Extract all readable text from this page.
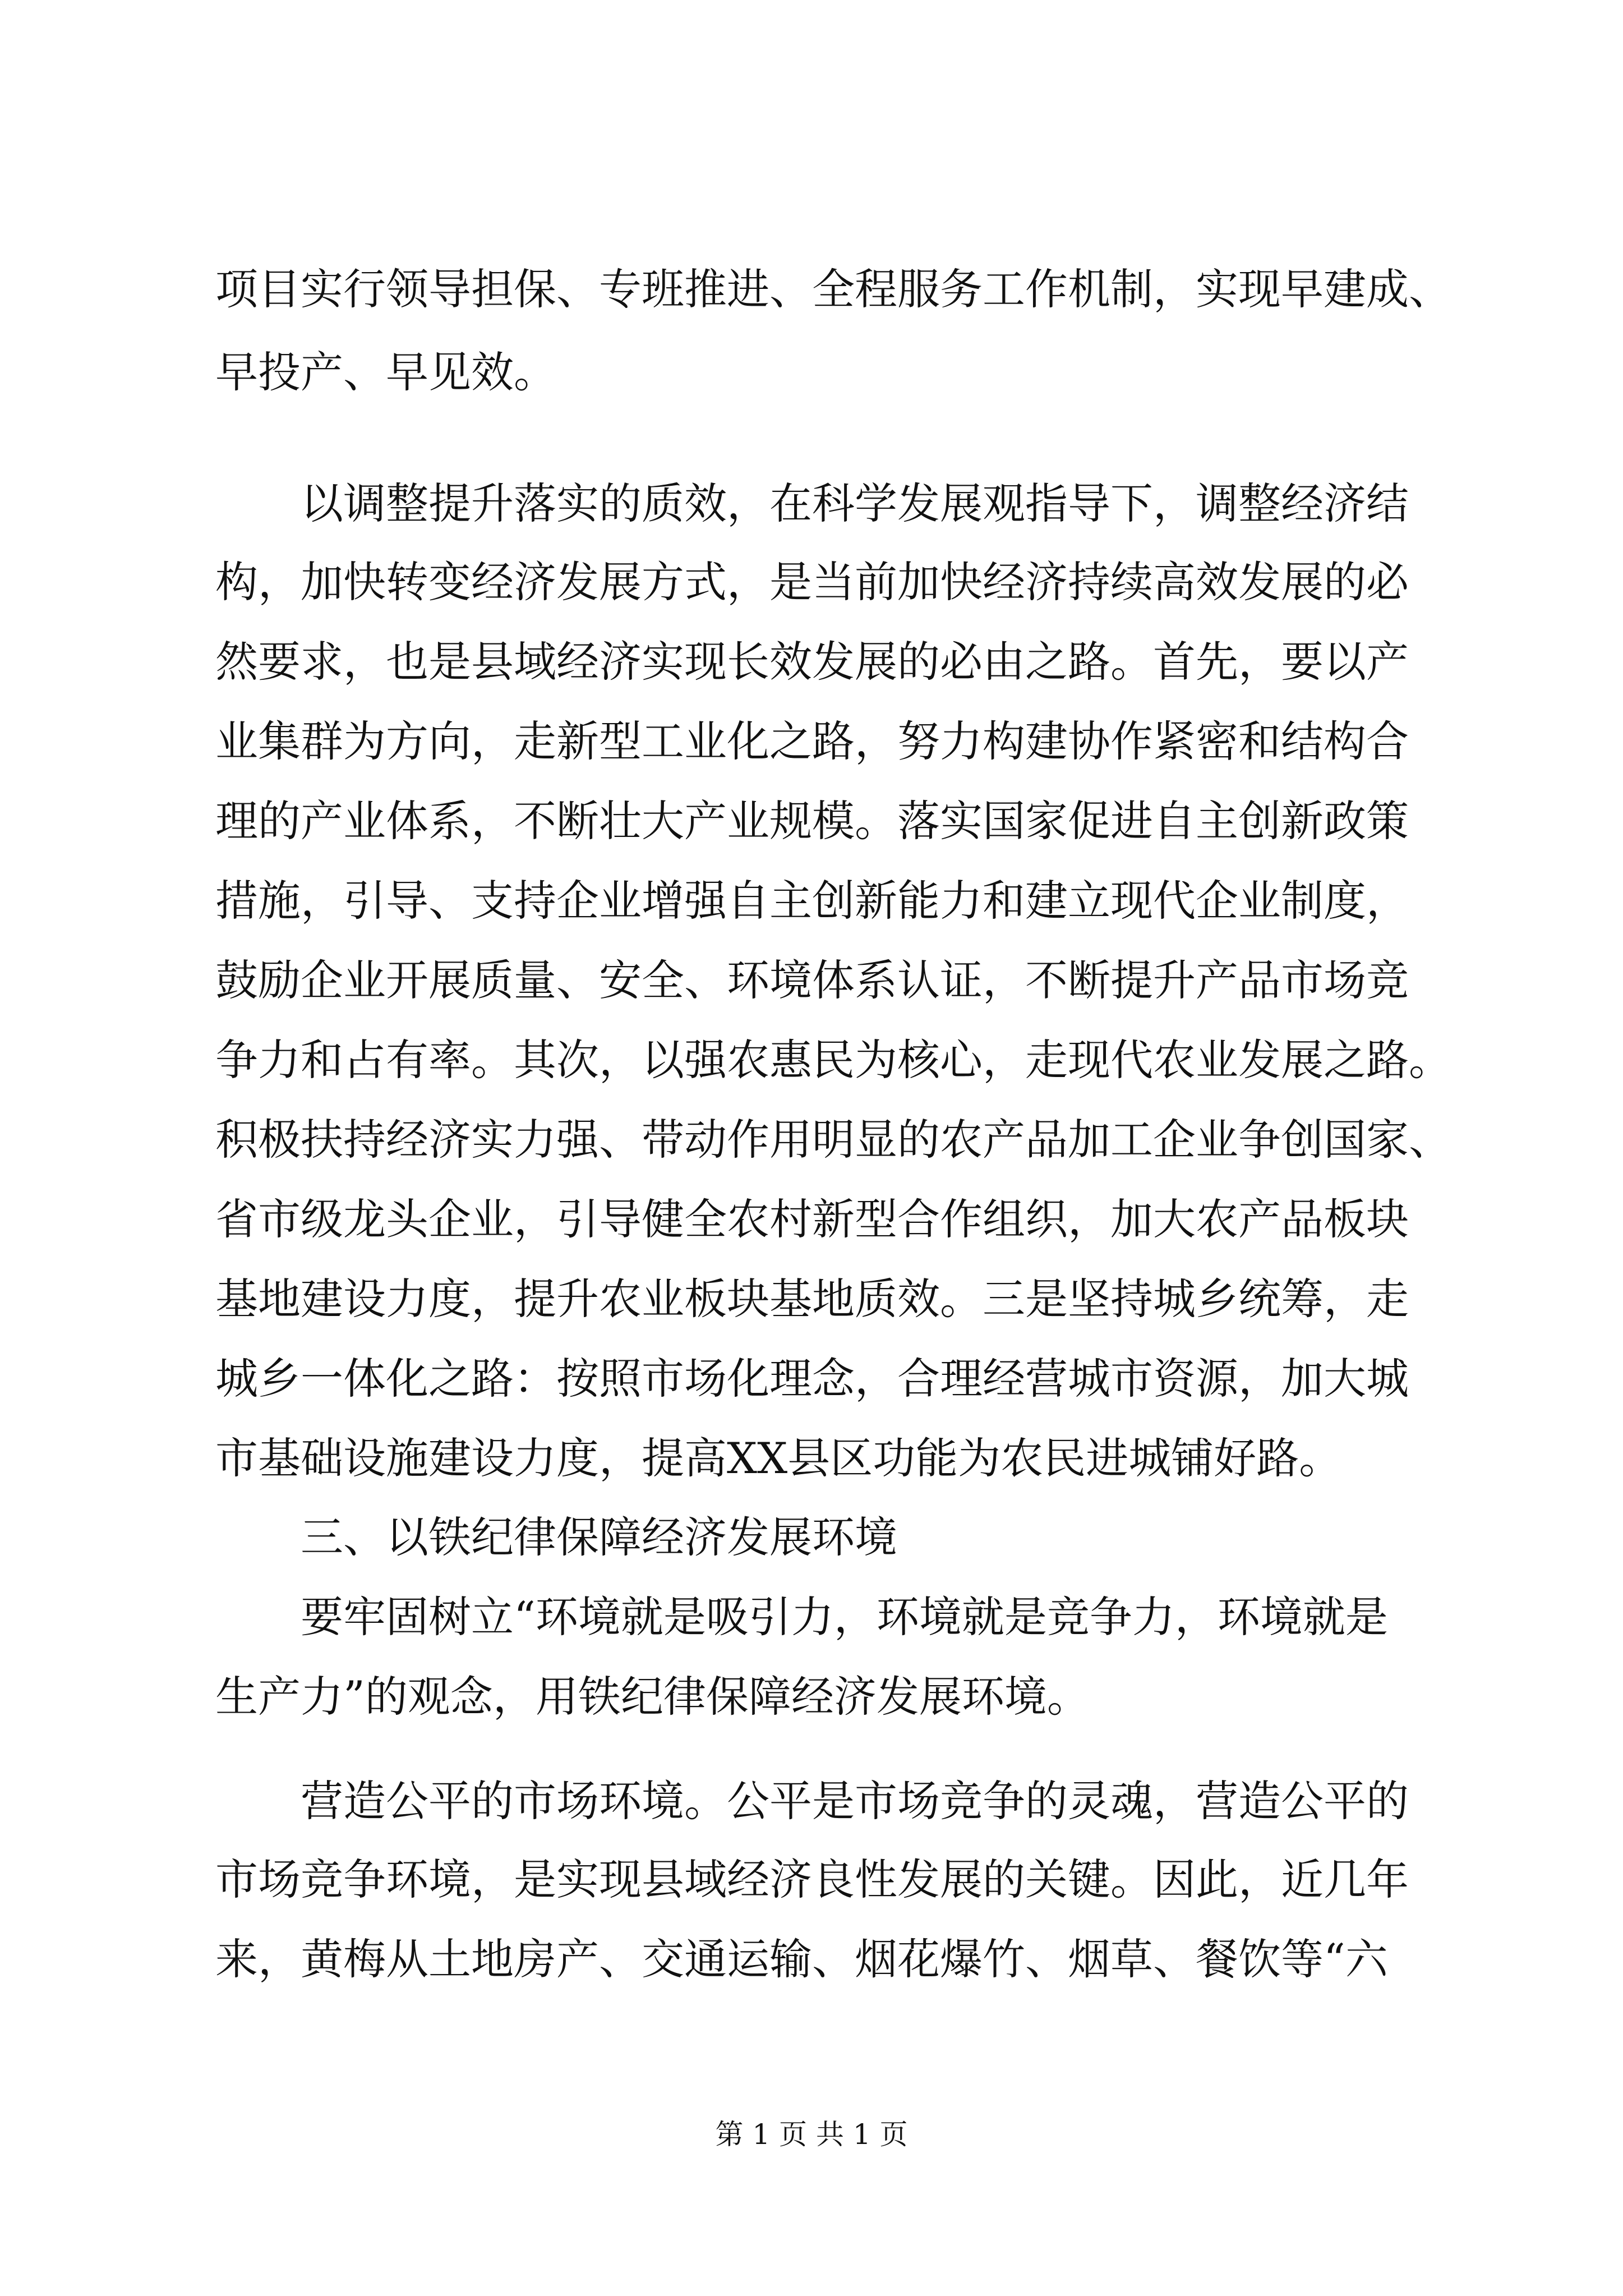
项目实行领导担保、专班推进、全程服务工作机制，实现早建成、
早投产、早见效。
以调整提升落实的质效，在科学发展观指导下，调整经济结
构，加快转变经济发展方式，是当前加快经济持续高效发展的必
然要求，也是县域经济实现长效发展的必由之路。首先，要以产
业集群为方向，走新型工业化之路，努力构建协作紧密和结构合
理的产业体系，不断壮大产业规模。落实国家促进自主创新政策
措施，引导、支持企业增强自主创新能力和建立现代企业制度，
鼓励企业开展质量、安全、环境体系认证，不断提升产品市场竞
争力和占有率。其次，以强农惠民为核心，走现代农业发展之路。
积极扶持经济实力强、带动作用明显的农产品加工企业争创国家、
省市级龙头企业，引导健全农村新型合作组织，加大农产品板块
基地建设力度，提升农业板块基地质效。三是坚持城乡统筹，走
城乡一体化之路：按照市场化理念，合理经营城市资源，加大城
市基础设施建设力度，提高XX县区功能为农民进城铺好路。
三、以铁纪律保障经济发展环境
要牢固树立“环境就是吸引力，环境就是竞争力，环境就是
生产力”的观念，用铁纪律保障经济发展环境。
营造公平的市场环境。公平是市场竞争的灵魂，营造公平的
市场竞争环境，是实现县域经济良性发展的关键。因此，近几年
来，黄梅从土地房产、交通运输、烟花爆竹、烟草、餐饮等“六
第 1 页 共 1 页
